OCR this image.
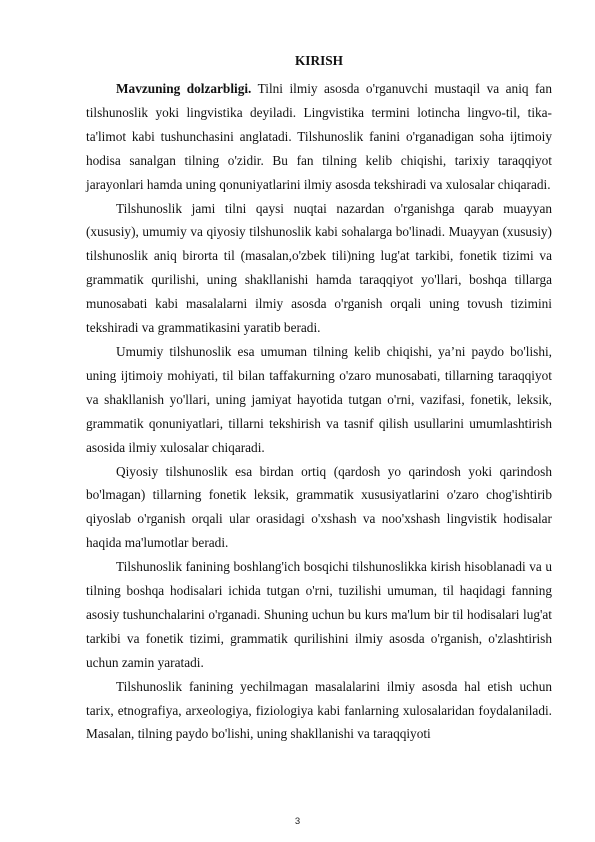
KIRISH

Mavzuning dolzarbligi. Tilni ilmiy asosda o'rganuvchi mustaqil va aniq fan tilshunoslik yoki lingvistika deyiladi. Lingvistika termini lotincha lingvo-til, tika-ta'limot kabi tushunchasini anglatadi. Tilshunoslik fanini o'rganadigan soha ijtimoiy hodisa sanalgan tilning o'zidir. Bu fan tilning kelib chiqishi, tarixiy taraqqiyot jarayonlari hamda uning qonuniyatlarini ilmiy asosda tekshiradi va xulosalar chiqaradi.

Tilshunoslik jami tilni qaysi nuqtai nazardan o'rganishga qarab muayyan (xususiy), umumiy va qiyosiy tilshunoslik kabi sohalarga bo'linadi. Muayyan (xususiy) tilshunoslik aniq birorta til (masalan,o'zbek tili)ning lug'at tarkibi, fonetik tizimi va grammatik qurilishi, uning shakllanishi hamda taraqqiyot yo'llari, boshqa tillarga munosabati kabi masalalarni ilmiy asosda o'rganish orqali uning tovush tizimini tekshiradi va grammatikasini yaratib beradi.

Umumiy tilshunoslik esa umuman tilning kelib chiqishi, ya’ni paydo bo'lishi, uning ijtimoiy mohiyati, til bilan taffakurning o'zaro munosabati, tillarning taraqqiyot va shakllanish yo'llari, uning jamiyat hayotida tutgan o'rni, vazifasi, fonetik, leksik, grammatik qonuniyatlari, tillarni tekshirish va tasnif qilish usullarini umumlashtirish asosida ilmiy xulosalar chiqaradi.

Qiyosiy tilshunoslik esa birdan ortiq (qardosh yo qarindosh yoki qarindosh bo'lmagan) tillarning fonetik leksik, grammatik xususiyatlarini o'zaro chog'ishtirib qiyoslab o'rganish orqali ular orasidagi o'xshash va noo'xshash lingvistik hodisalar haqida ma'lumotlar beradi.

Tilshunoslik fanining boshlang'ich bosqichi tilshunoslikka kirish hisoblanadi va u tilning boshqa hodisalari ichida tutgan o'rni, tuzilishi umuman, til haqidagi fanning asosiy tushunchalarini o'rganadi. Shuning uchun bu kurs ma'lum bir til hodisalari lug'at tarkibi va fonetik tizimi, grammatik qurilishini ilmiy asosda o'rganish, o'zlashtirish uchun zamin yaratadi.

Tilshunoslik fanining yechilmagan masalalarini ilmiy asosda hal etish uchun tarix, etnografiya, arxeologiya, fiziologiya kabi fanlarning xulosalaridan foydalaniladi. Masalan, tilning paydo bo'lishi, uning shakllanishi va taraqqiyoti

3
